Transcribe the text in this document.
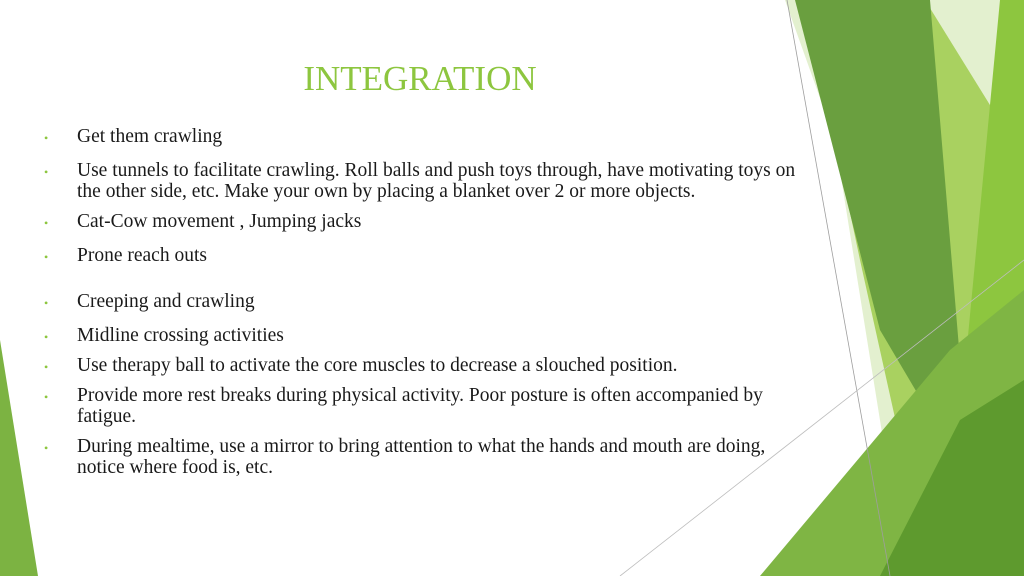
INTEGRATION
• Get them crawling
• Use tunnels to facilitate crawling. Roll balls and push toys through, have motivating toys on the other side, etc. Make your own by placing a blanket over 2 or more objects.
• Cat-Cow movement , Jumping jacks
• Prone reach outs
• Creeping and crawling
• Midline crossing activities
• Use therapy ball to activate the core muscles to decrease a slouched position.
• Provide more rest breaks during physical activity. Poor posture is often accompanied by fatigue.
• During mealtime, use a mirror to bring attention to what the hands and mouth are doing, notice where food is, etc.
